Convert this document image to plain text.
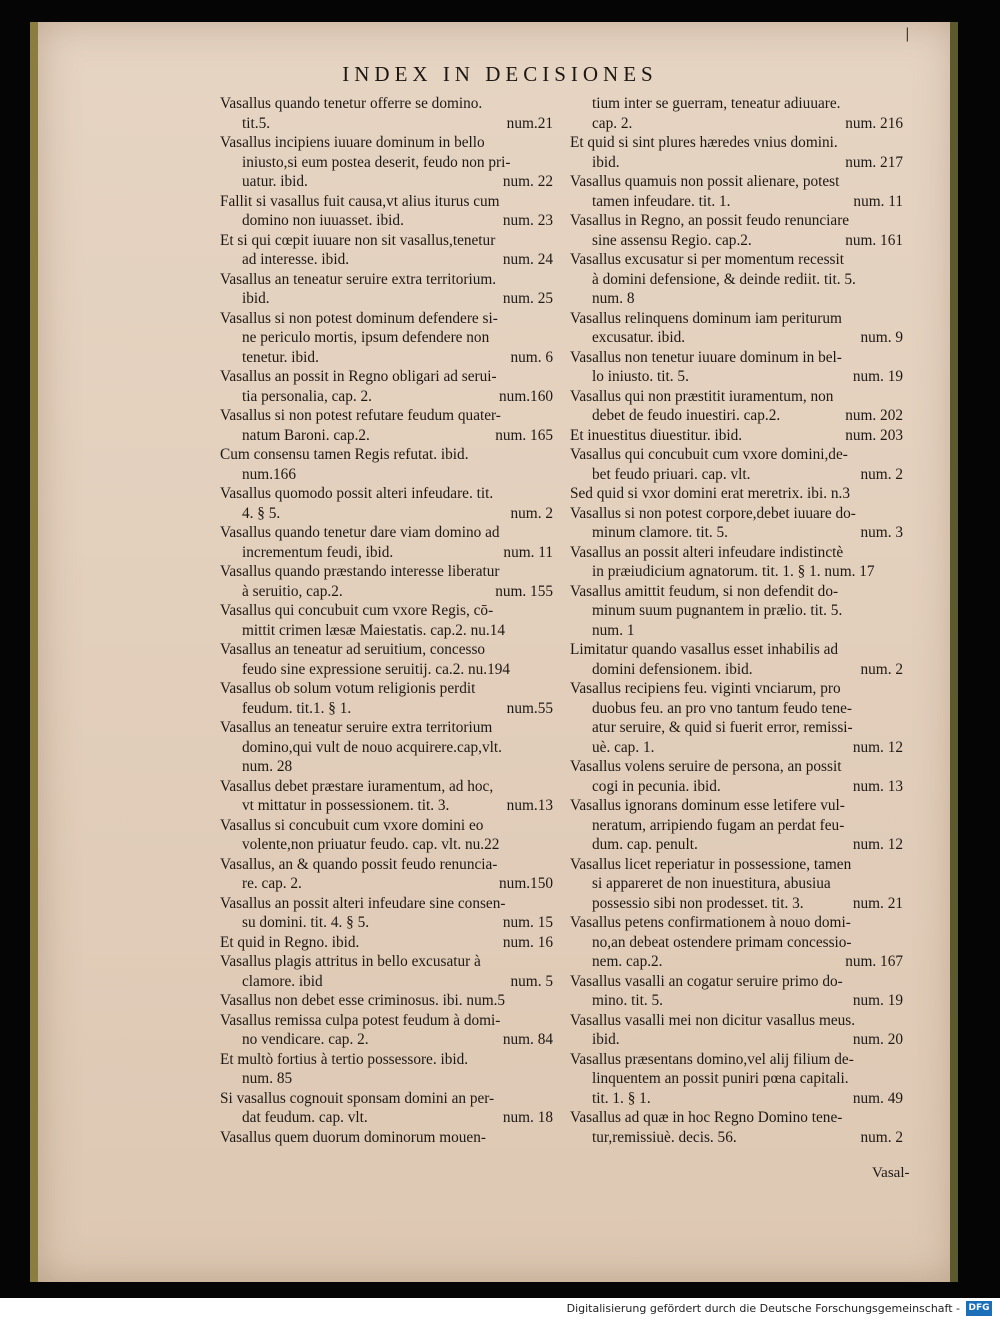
|
INDEX IN DECISIONES
Vasallus quando tenetur offerre se domino.
tit.5.	num.21
Vasallus incipiens iuuare dominum in bello
iniusto,si eum postea deserit, feudo non pri-
uatur. ibid.	num. 22
Fallit si vasallus fuit causa,vt alius iturus cum
domino non iuuasset. ibid.	num. 23
Et si qui cœpit iuuare non sit vasallus,tenetur
ad interesse. ibid.	num. 24
Vasallus an teneatur seruire extra territorium.
ibid.	num. 25
Vasallus si non potest dominum defendere si-
ne periculo mortis, ipsum defendere non
tenetur. ibid.	num. 6
Vasallus an possit in Regno obligari ad serui-
tia personalia, cap. 2.	num.160
Vasallus si non potest refutare feudum quater-
natum Baroni. cap.2.	num. 165
Cum consensu tamen Regis refutat. ibid.
num.166
Vasallus quomodo possit alteri infeudare. tit.
4. § 5.	num. 2
Vasallus quando tenetur dare viam domino ad
incrementum feudi, ibid.	num. 11
Vasallus quando præstando interesse liberatur
à seruitio, cap.2.	num. 155
Vasallus qui concubuit cum vxore Regis, cō-
mittit crimen læsæ Maiestatis. cap.2. nu.14
Vasallus an teneatur ad seruitium, concesso
feudo sine expressione seruitij. ca.2. nu.194
Vasallus ob solum votum religionis perdit
feudum. tit.1. § 1.	num.55
Vasallus an teneatur seruire extra territorium
domino,qui vult de nouo acquirere.cap,vlt.
num. 28
Vasallus debet præstare iuramentum, ad hoc,
vt mittatur in possessionem. tit. 3.	num.13
Vasallus si concubuit cum vxore domini eo
volente,non priuatur feudo. cap. vlt. nu.22
Vasallus, an & quando possit feudo renuncia-
re. cap. 2.	num.150
Vasallus an possit alteri infeudare sine consen-
su domini. tit. 4. § 5.	num. 15
Et quid in Regno. ibid.	num. 16
Vasallus plagis attritus in bello excusatur à
clamore. ibid	num. 5
Vasallus non debet esse criminosus. ibi. num.5
Vasallus remissa culpa potest feudum à domi-
no vendicare. cap. 2.	num. 84
Et multò fortius à tertio possessore. ibid.
num. 85
Si vasallus cognouit sponsam domini an per-
dat feudum. cap. vlt.	num. 18
Vasallus quem duorum dominorum mouen-
tium inter se guerram, teneatur adiuuare.
cap. 2.	num. 216
Et quid si sint plures hæredes vnius domini.
ibid.	num. 217
Vasallus quamuis non possit alienare, potest
tamen infeudare. tit. 1.	num. 11
Vasallus in Regno, an possit feudo renunciare
sine assensu Regio. cap.2.	num. 161
Vasallus excusatur si per momentum recessit
à domini defensione, & deinde rediit. tit. 5.
num. 8
Vasallus relinquens dominum iam periturum
excusatur. ibid.	num. 9
Vasallus non tenetur iuuare dominum in bel-
lo iniusto. tit. 5.	num. 19
Vasallus qui non præstitit iuramentum, non
debet de feudo inuestiri. cap.2.	num. 202
Et inuestitus diuestitur. ibid.	num. 203
Vasallus qui concubuit cum vxore domini,de-
bet feudo priuari. cap. vlt.	num. 2
Sed quid si vxor domini erat meretrix. ibi. n.3
Vasallus si non potest corpore,debet iuuare do-
minum clamore. tit. 5.	num. 3
Vasallus an possit alteri infeudare indistinctè
in præiudicium agnatorum. tit. 1. § 1. num. 17
Vasallus amittit feudum, si non defendit do-
minum suum pugnantem in prælio. tit. 5.
num. 1
Limitatur quando vasallus esset inhabilis ad
domini defensionem. ibid.	num. 2
Vasallus recipiens feu. viginti vnciarum, pro
duobus feu. an pro vno tantum feudo tene-
atur seruire, & quid si fuerit error, remissi-
uè. cap. 1.	num. 12
Vasallus volens seruire de persona, an possit
cogi in pecunia. ibid.	num. 13
Vasallus ignorans dominum esse letifere vul-
neratum, arripiendo fugam an perdat feu-
dum. cap. penult.	num. 12
Vasallus licet reperiatur in possessione, tamen
si appareret de non inuestitura, abusiua
possessio sibi non prodesset. tit. 3.	num. 21
Vasallus petens confirmationem à nouo domi-
no,an debeat ostendere primam concessio-
nem. cap.2.	num. 167
Vasallus vasalli an cogatur seruire primo do-
mino. tit. 5.	num. 19
Vasallus vasalli mei non dicitur vasallus meus.
ibid.	num. 20
Vasallus præsentans domino,vel alij filium de-
linquentem an possit puniri pœna capitali.
tit. 1. § 1.	num. 49
Vasallus ad quæ in hoc Regno Domino tene-
tur,remissiuè. decis. 56.	num. 2
Vasal-
Digitalisierung gefördert durch die Deutsche Forschungsgemeinschaft - DFG
